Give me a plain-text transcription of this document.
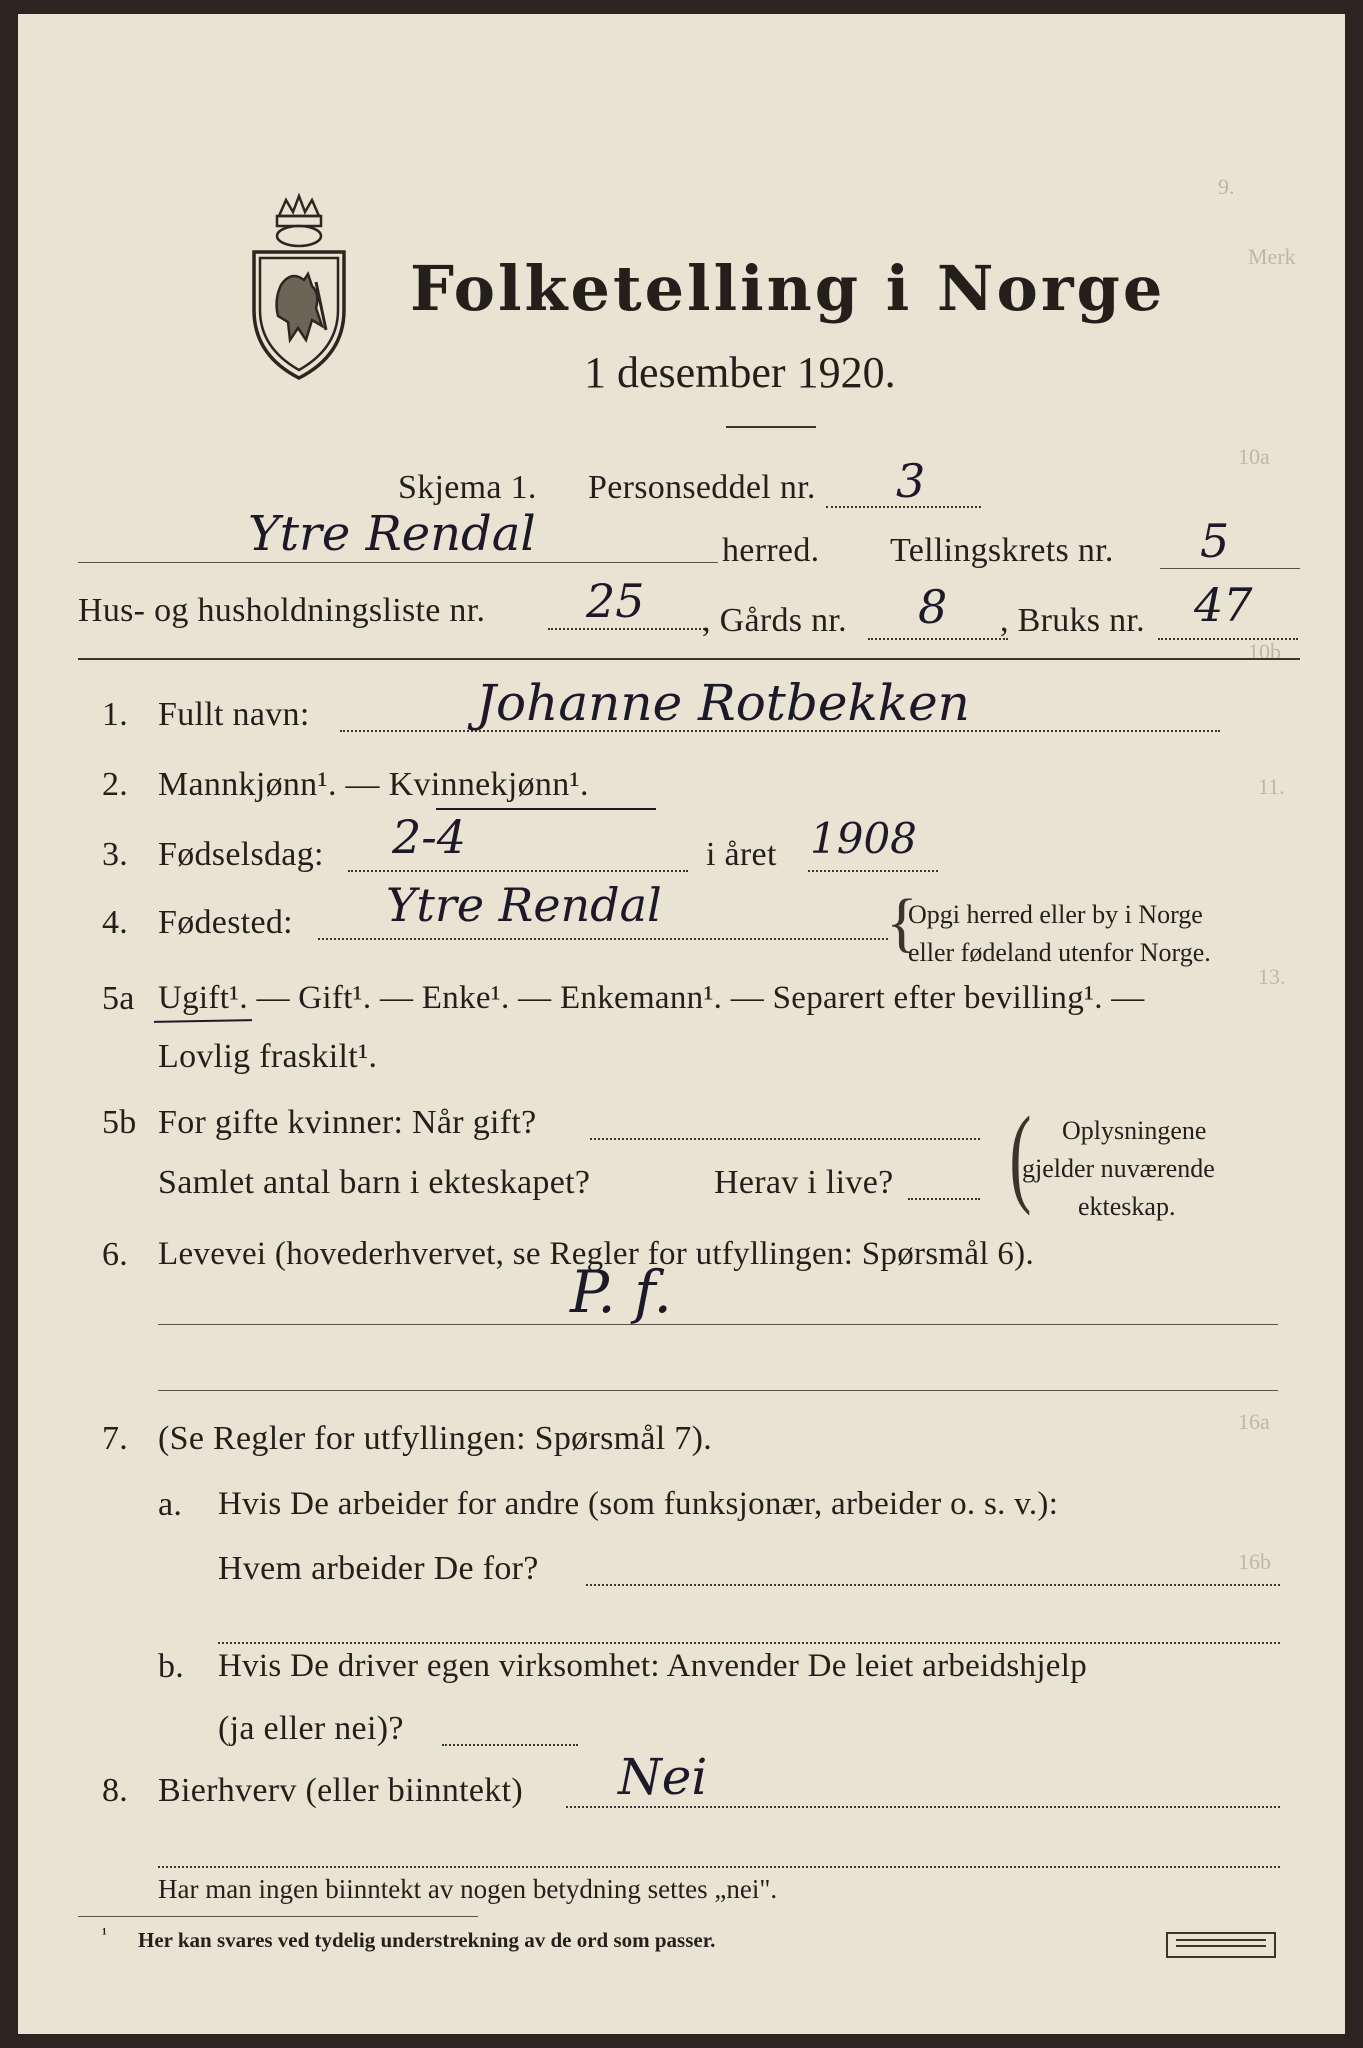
9.
Merk
10a
10b
11.
13.
16a
16b
Folketelling i Norge
1 desember 1920.
Skjema 1. Personseddel nr. 3
Ytre Rendal	herred. Tellingskrets nr. 5
Hus- og husholdningsliste nr. 25 , Gårds nr. 8 , Bruks nr. 47
1. Fullt navn:	Johanne Rotbekken
2. Mannkjønn¹. — Kvinnekjønn¹.
3. Fødselsdag: 2-4	i året 1908
4. Fødested: Ytre Rendal	{
Opgi herred eller by i Norge
eller fødeland utenfor Norge.
5a Ugift¹. — Gift¹. — Enke¹. — Enkemann¹. — Separert efter bevilling¹. —
Lovlig fraskilt¹.
5b For gifte kvinner: Når gift?
Samlet antal barn i ekteskapet?	Herav i live? ( Oplysningene
gjelder nuværende
ekteskap.
6. Levevei (hovederhvervet, se Regler for utfyllingen: Spørsmål 6).
P. f.
7. (Se Regler for utfyllingen: Spørsmål 7).
a. Hvis De arbeider for andre (som funksjonær, arbeider o. s. v.):
Hvem arbeider De for?
b. Hvis De driver egen virksomhet: Anvender De leiet arbeidshjelp
(ja eller nei)?
8. Bierhverv (eller biinntekt) Nei
Har man ingen biinntekt av nogen betydning settes „nei".
¹ Her kan svares ved tydelig understrekning av de ord som passer.
